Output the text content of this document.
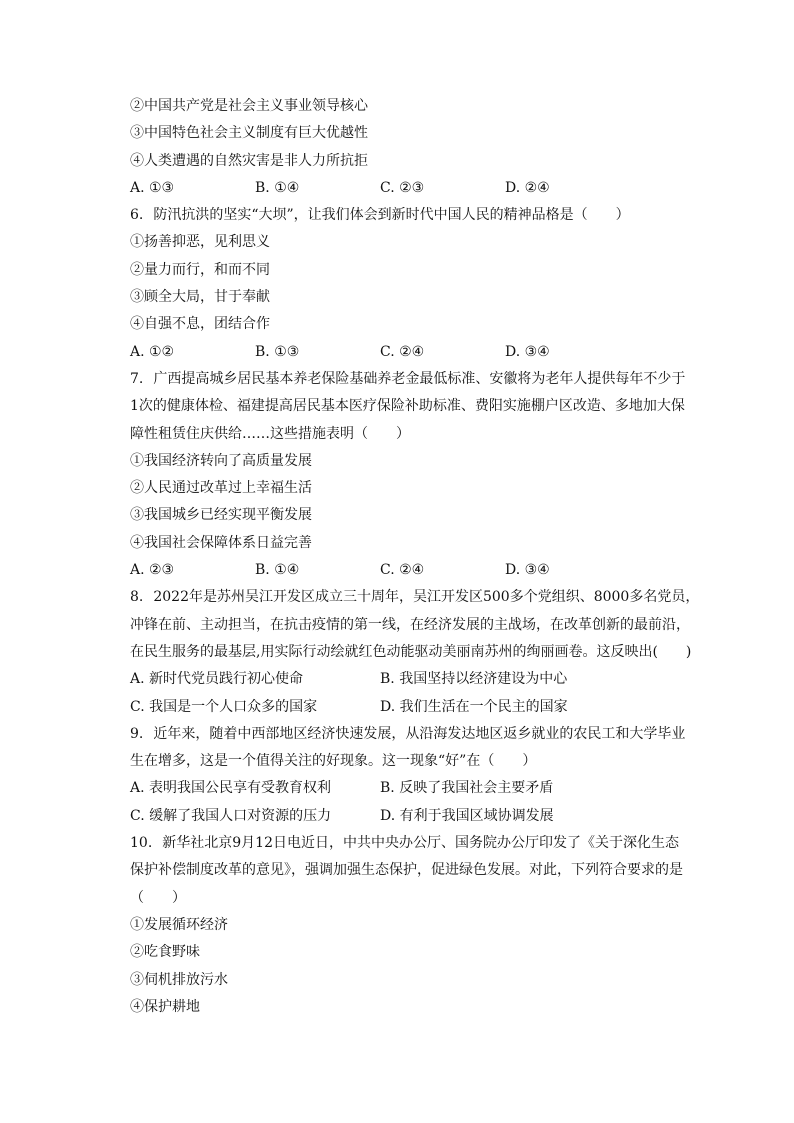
②中国共产党是社会主义事业领导核心
③中国特色社会主义制度有巨大优越性
④人类遭遇的自然灾害是非人力所抗拒
A. ①③	B. ①④	C. ②③	D. ②④
6. 防汛抗洪的坚实“大坝”，让我们体会到新时代中国人民的精神品格是（　　）
①扬善抑恶，见利思义
②量力而行，和而不同
③顾全大局，甘于奉献
④自强不息，团结合作
A. ①②	B. ①③	C. ②④	D. ③④
7. 广西提高城乡居民基本养老保险基础养老金最低标准、安徽将为老年人提供每年不少于
1次的健康体检、福建提高居民基本医疗保险补助标准、费阳实施棚户区改造、多地加大保
障性租赁住庆供给……这些措施表明（　　）
①我国经济转向了高质量发展
②人民通过改革过上幸福生活
③我国城乡已经实现平衡发展
④我国社会保障体系日益完善
A. ②③	B. ①④	C. ②④	D. ③④
8. 2022年是苏州吴江开发区成立三十周年，吴江开发区500多个党组织、8000多名党员，
冲锋在前、主动担当，在抗击疫情的第一线，在经济发展的主战场，在改革创新的最前沿，
在民生服务的最基层,用实际行动绘就红色动能驱动美丽南苏州的绚丽画卷。这反映出(　　)
A. 新时代党员践行初心使命	B. 我国坚持以经济建设为中心
C. 我国是一个人口众多的国家	D. 我们生活在一个民主的国家
9. 近年来，随着中西部地区经济快速发展，从沿海发达地区返乡就业的农民工和大学毕业
生在增多，这是一个值得关注的好现象。这一现象“好”在（　　）
A. 表明我国公民享有受教育权利	B. 反映了我国社会主要矛盾
C. 缓解了我国人口对资源的压力	D. 有利于我国区域协调发展
10. 新华社北京9月12日电近日，中共中央办公厅、国务院办公厅印发了《关于深化生态
保护补偿制度改革的意见》，强调加强生态保护，促进绿色发展。对此，下列符合要求的是
（　　）
①发展循环经济
②吃食野味
③伺机排放污水
④保护耕地
